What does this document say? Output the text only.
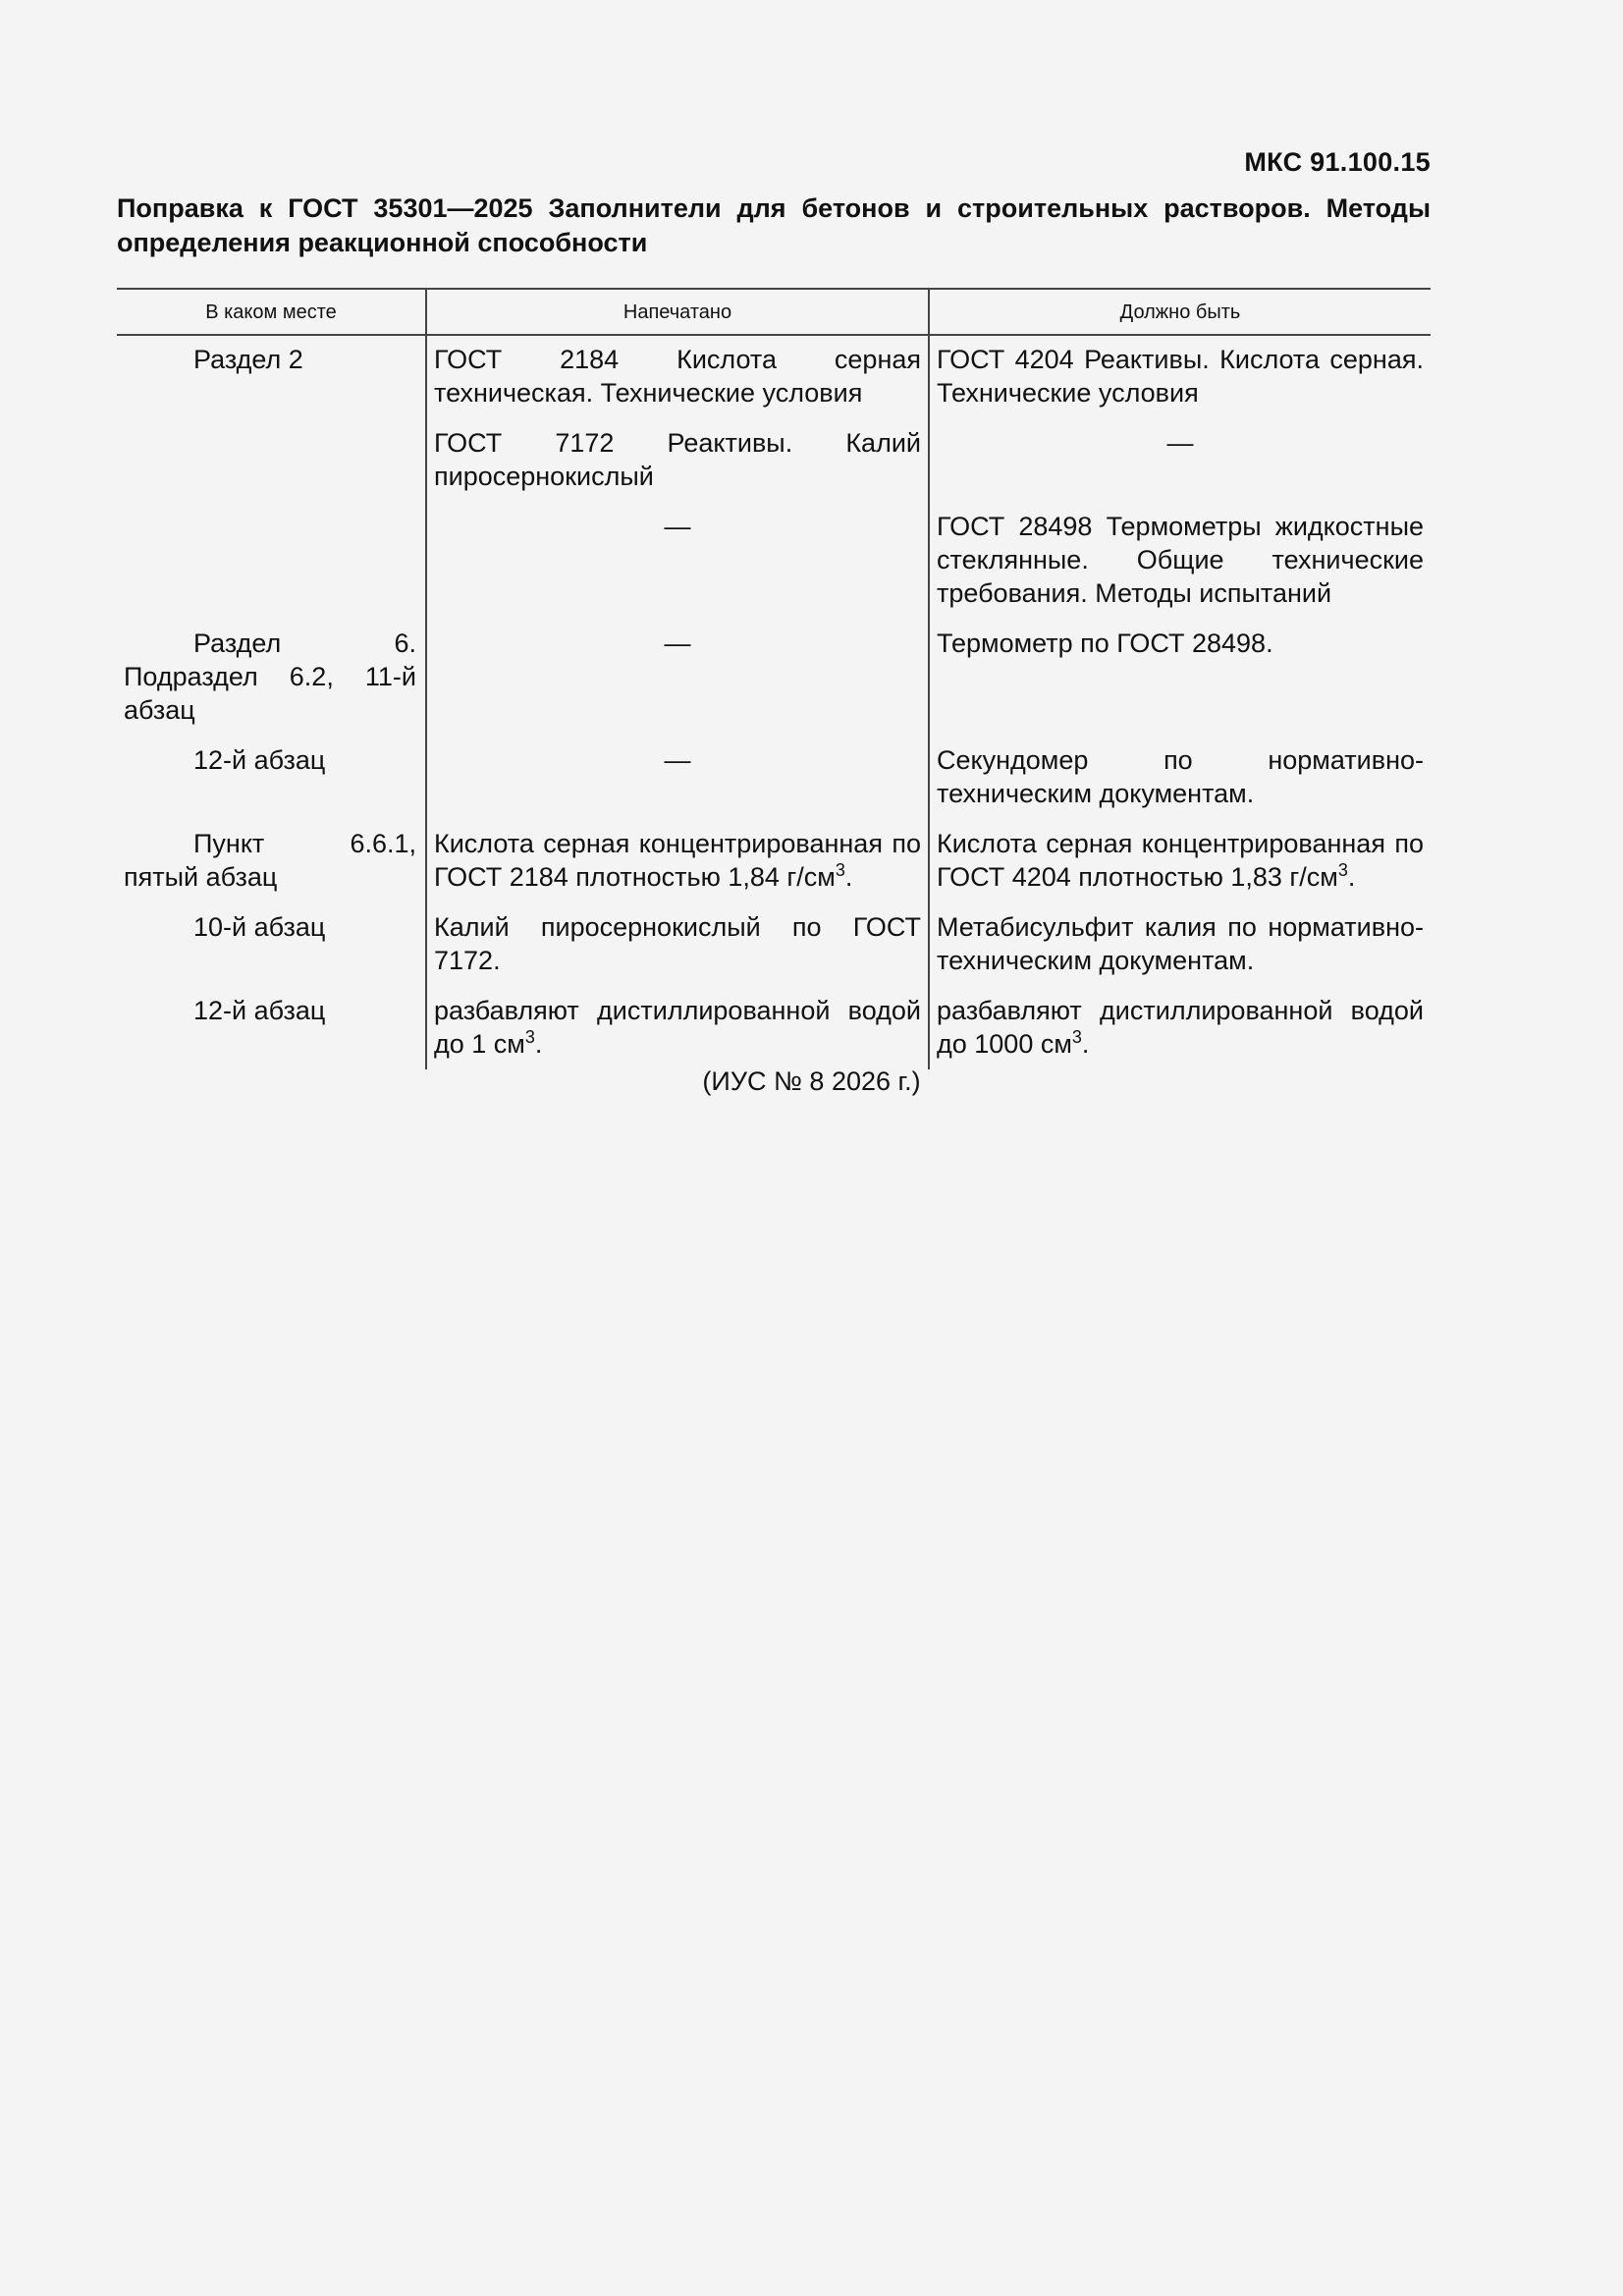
МКС 91.100.15

Поправка к ГОСТ 35301—2025 Заполнители для бетонов и строительных растворов. Методы определения реакционной способности

В каком месте	Напечатано	Должно быть
Раздел 2	ГОСТ 2184 Кислота серная техническая. Технические условия	ГОСТ 4204 Реактивы. Кислота серная. Технические условия
	ГОСТ 7172 Реактивы. Калий пиросернокислый	—
	—	ГОСТ 28498 Термометры жидкостные стеклянные. Общие технические требования. Методы испытаний
Раздел 6. Подраздел 6.2, 11-й абзац	—	Термометр по ГОСТ 28498.
12-й абзац	—	Секундомер по нормативно-техническим документам.
Пункт 6.6.1, пятый абзац	Кислота серная концентрированная по ГОСТ 2184 плотностью 1,84 $г/см^3$.	Кислота серная концентрированная по ГОСТ 4204 плотностью 1,83 $г/см^3$.
10-й абзац	Калий пиросернокислый по ГОСТ 7172.	Метабисульфит калия по нормативно-техническим документам.
12-й абзац	разбавляют дистиллированной водой до 1 $см^3$.	разбавляют дистиллированной водой до 1000 $см^3$.
(ИУС № 8 2026 г.)
